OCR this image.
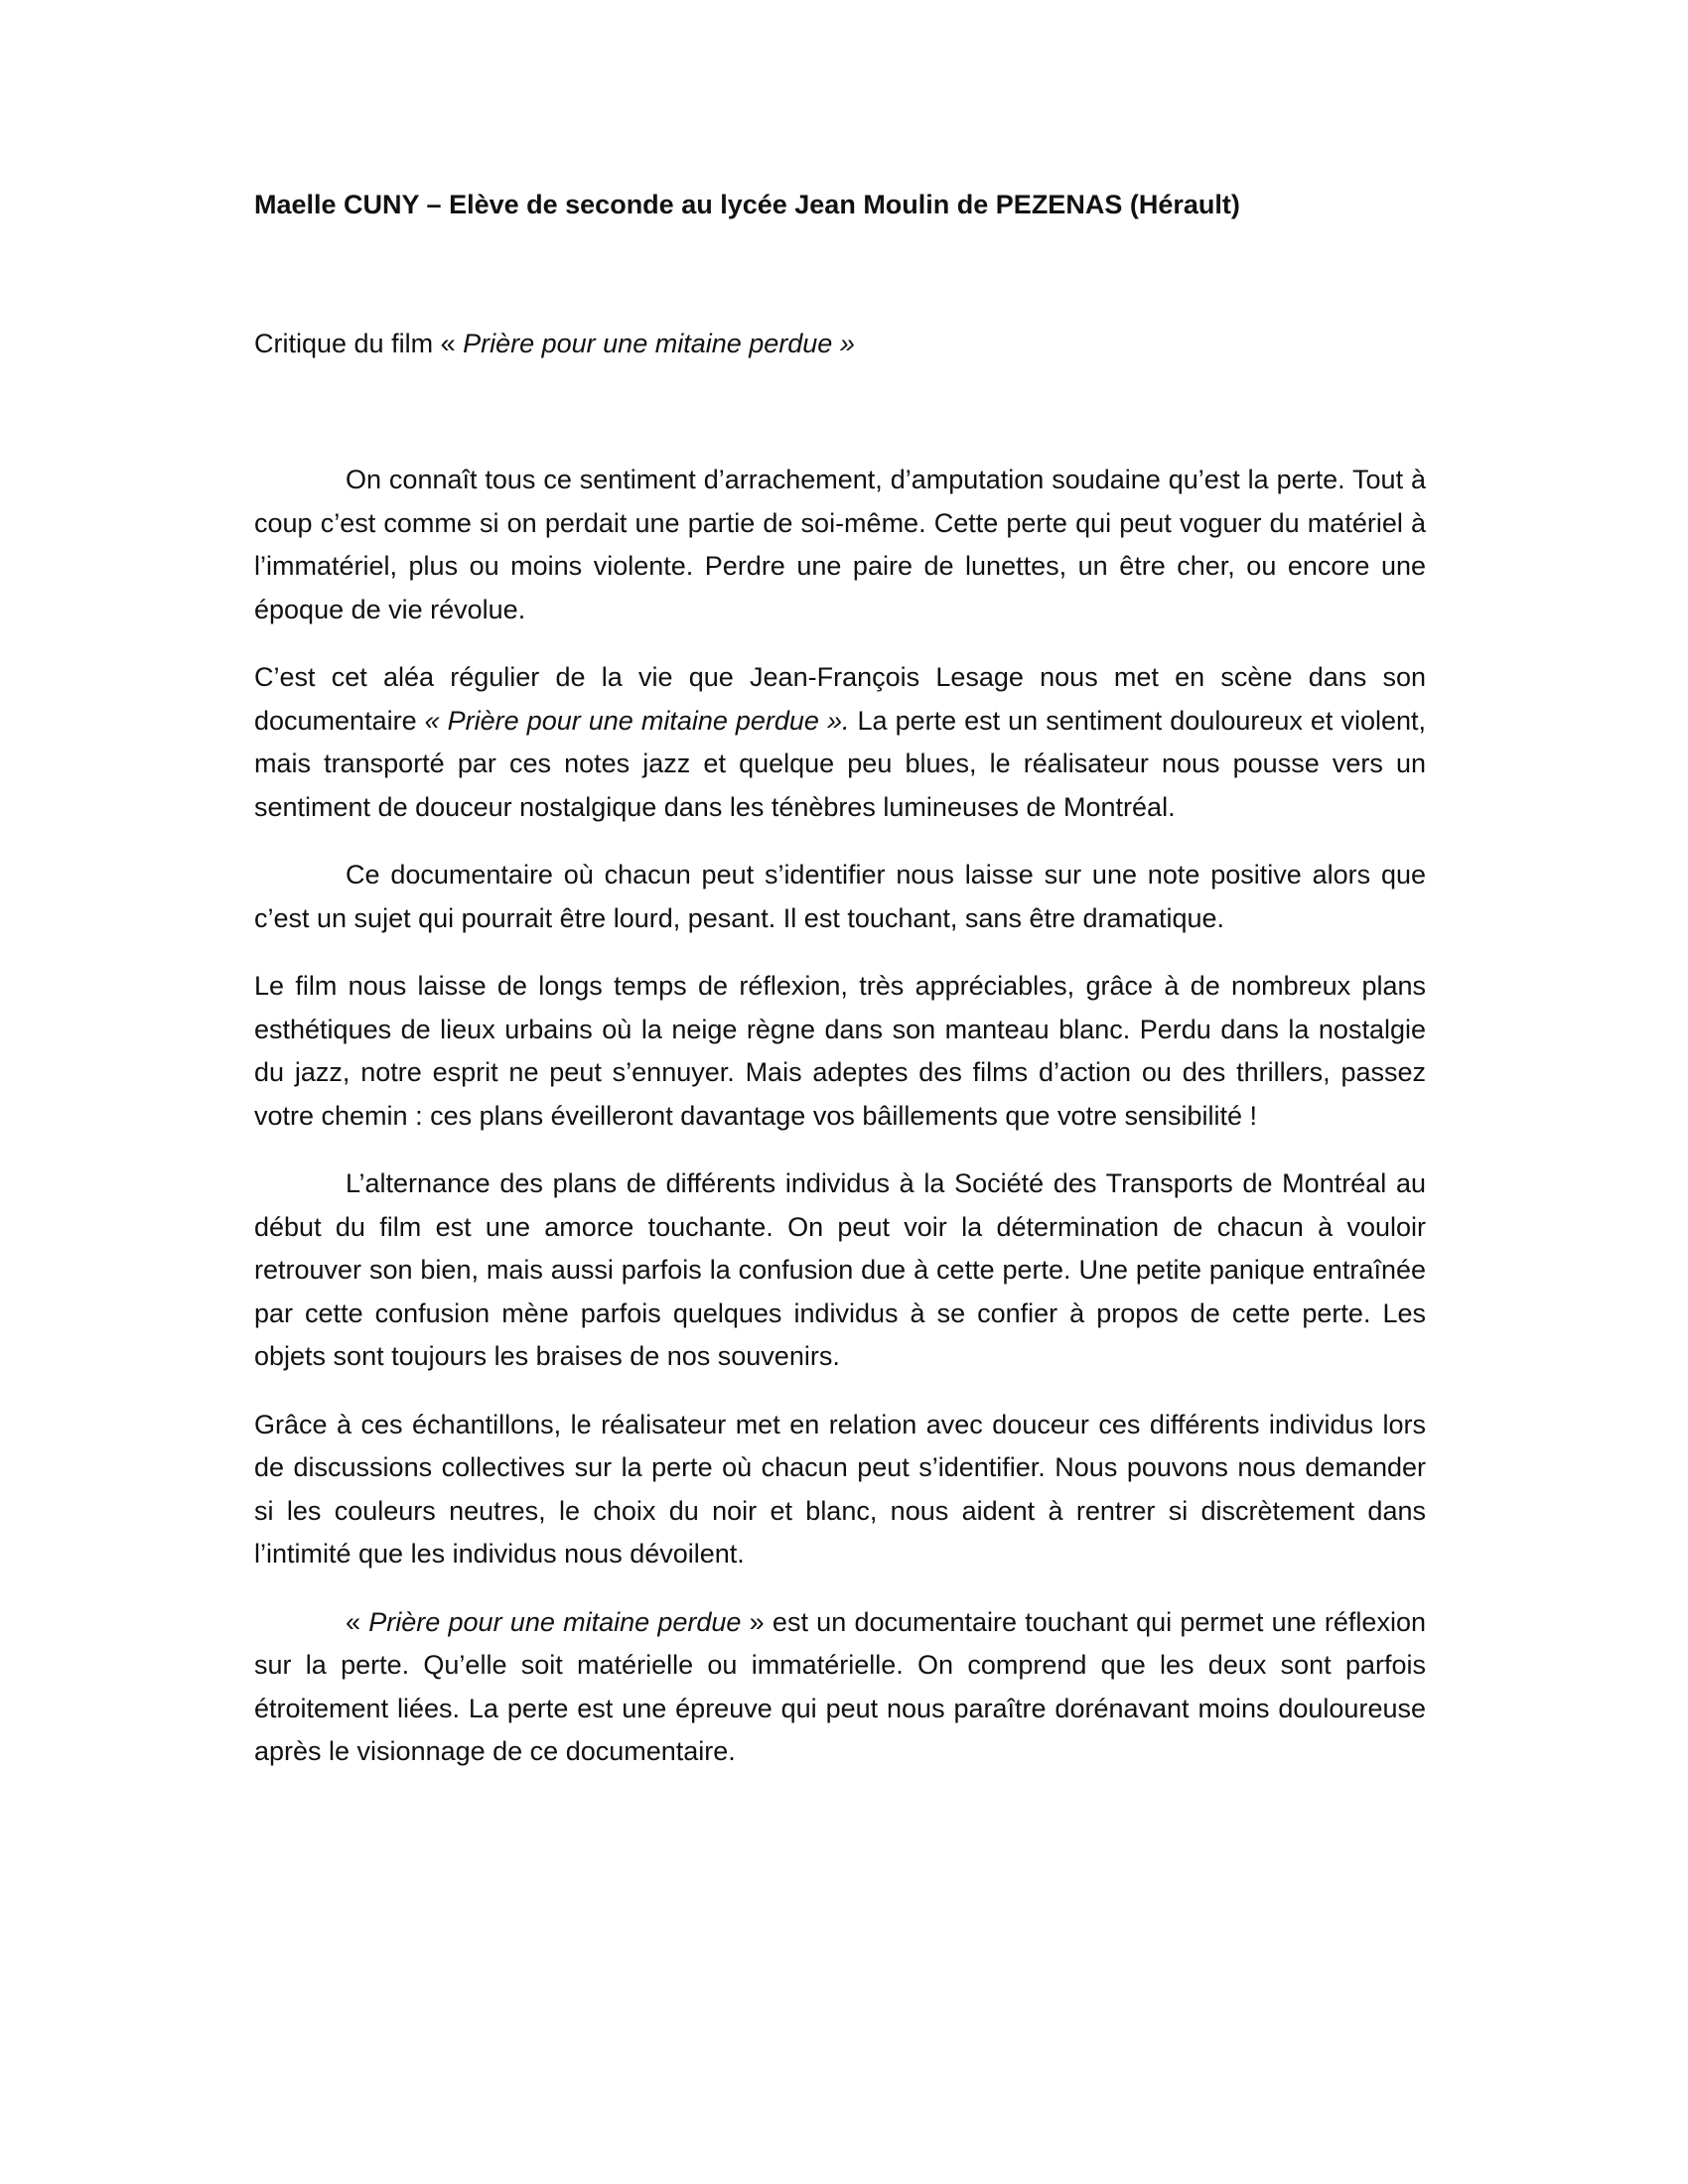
Maelle CUNY – Elève de seconde au lycée Jean Moulin de PEZENAS (Hérault)
Critique du film « Prière pour une mitaine perdue »

On connaît tous ce sentiment d’arrachement, d’amputation soudaine qu’est la perte. Tout à coup c’est comme si on perdait une partie de soi-même. Cette perte qui peut voguer du matériel à l’immatériel, plus ou moins violente. Perdre une paire de lunettes, un être cher, ou encore une époque de vie révolue.

C’est cet aléa régulier de la vie que Jean-François Lesage nous met en scène dans son documentaire « Prière pour une mitaine perdue ». La perte est un sentiment douloureux et violent, mais transporté par ces notes jazz et quelque peu blues, le réalisateur nous pousse vers un sentiment de douceur nostalgique dans les ténèbres lumineuses de Montréal.

Ce documentaire où chacun peut s’identifier nous laisse sur une note positive alors que c’est un sujet qui pourrait être lourd, pesant. Il est touchant, sans être dramatique.

Le film nous laisse de longs temps de réflexion, très appréciables, grâce à de nombreux plans esthétiques de lieux urbains où la neige règne dans son manteau blanc. Perdu dans la nostalgie du jazz, notre esprit ne peut s’ennuyer. Mais adeptes des films d’action ou des thrillers, passez votre chemin : ces plans éveilleront davantage vos bâillements que votre sensibilité !

L’alternance des plans de différents individus à la Société des Transports de Montréal au début du film est une amorce touchante. On peut voir la détermination de chacun à vouloir retrouver son bien, mais aussi parfois la confusion due à cette perte. Une petite panique entraînée par cette confusion mène parfois quelques individus à se confier à propos de cette perte. Les objets sont toujours les braises de nos souvenirs.

Grâce à ces échantillons, le réalisateur met en relation avec douceur ces différents individus lors de discussions collectives sur la perte où chacun peut s’identifier. Nous pouvons nous demander si les couleurs neutres, le choix du noir et blanc, nous aident à rentrer si discrètement dans l’intimité que les individus nous dévoilent.

« Prière pour une mitaine perdue » est un documentaire touchant qui permet une réflexion sur la perte. Qu’elle soit matérielle ou immatérielle. On comprend que les deux sont parfois étroitement liées. La perte est une épreuve qui peut nous paraître dorénavant moins douloureuse après le visionnage de ce documentaire.
